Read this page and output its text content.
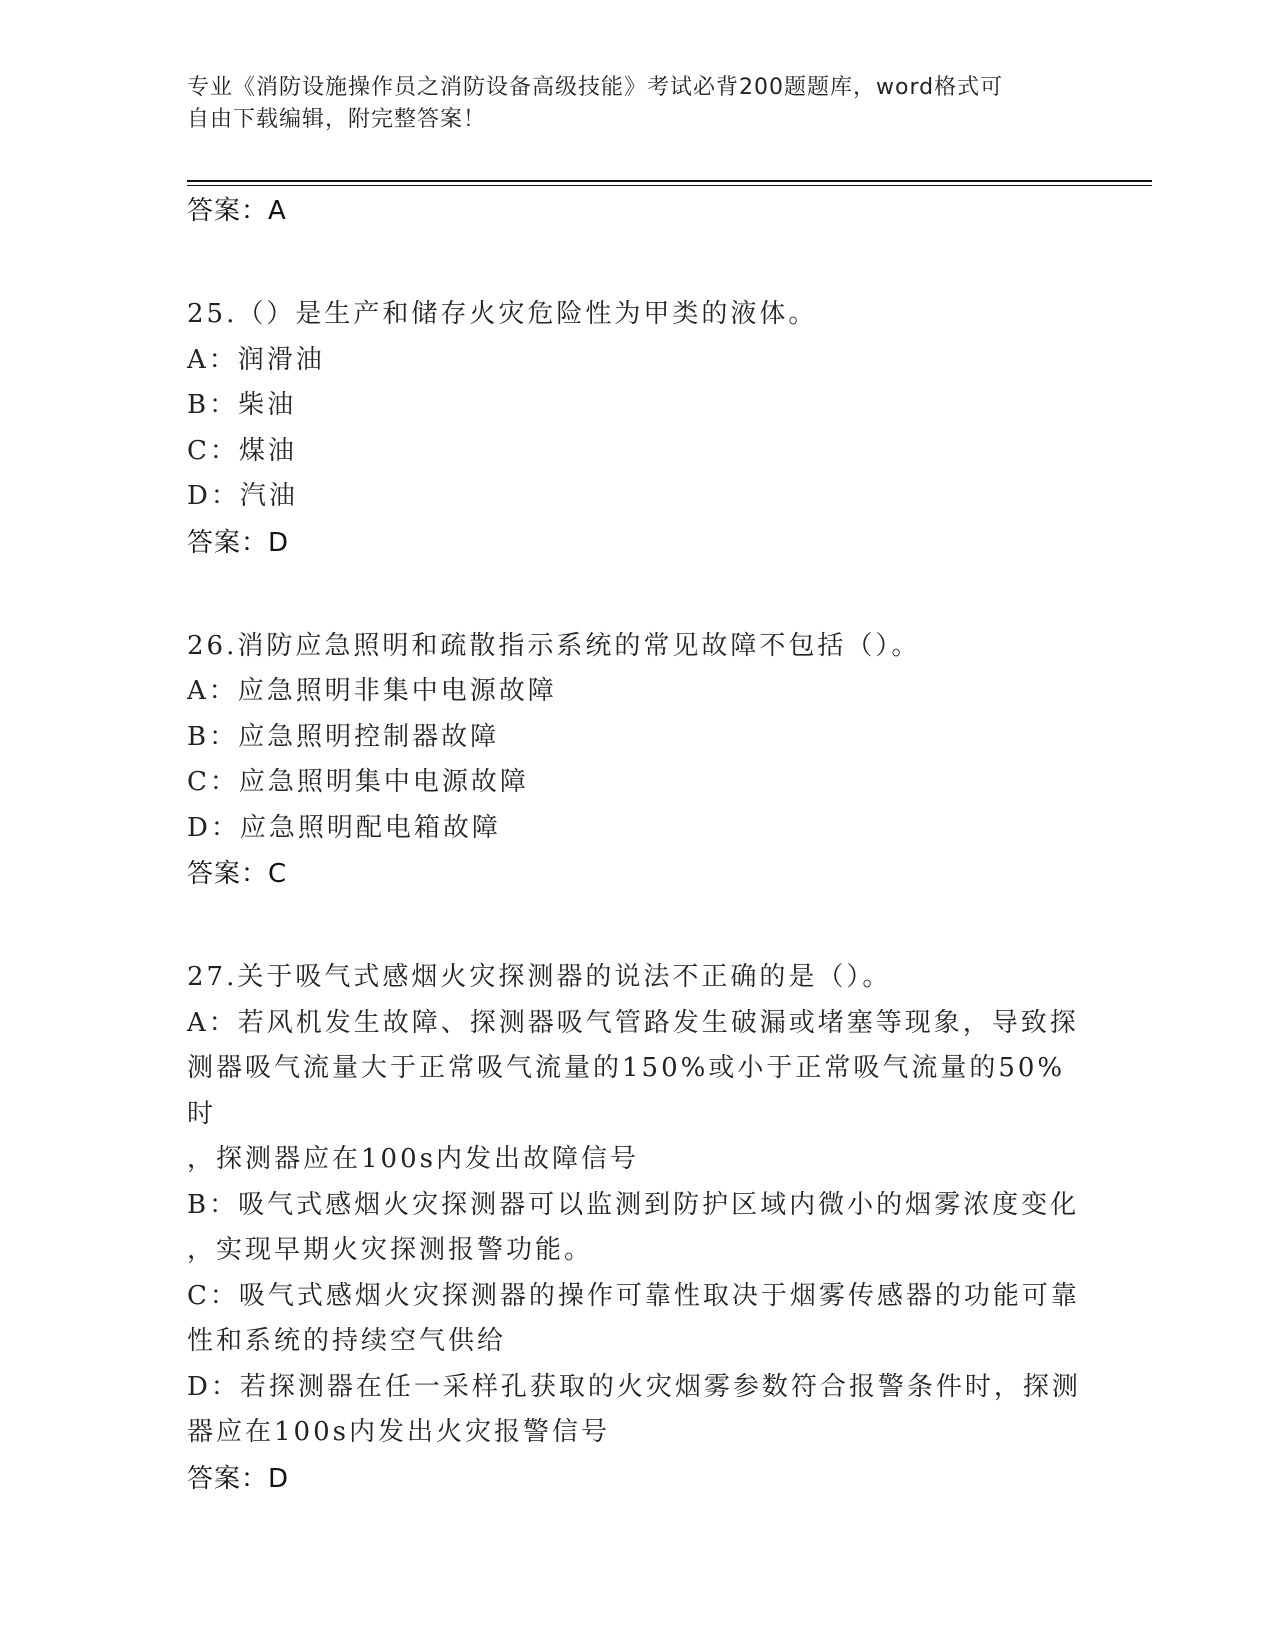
专业《消防设施操作员之消防设备高级技能》考试必背200题题库，word格式可
自由下载编辑，附完整答案！
答案：A
25.（）是生产和储存火灾危险性为甲类的液体。
A：润滑油
B：柴油
C：煤油
D：汽油
答案：D
26.消防应急照明和疏散指示系统的常见故障不包括（）。
A：应急照明非集中电源故障
B：应急照明控制器故障
C：应急照明集中电源故障
D：应急照明配电箱故障
答案：C
27.关于吸气式感烟火灾探测器的说法不正确的是（）。
A：若风机发生故障、探测器吸气管路发生破漏或堵塞等现象，导致探
测器吸气流量大于正常吸气流量的150%或小于正常吸气流量的50%时
，探测器应在100s内发出故障信号
B：吸气式感烟火灾探测器可以监测到防护区域内微小的烟雾浓度变化
，实现早期火灾探测报警功能。
C：吸气式感烟火灾探测器的操作可靠性取决于烟雾传感器的功能可靠
性和系统的持续空气供给
D：若探测器在任一采样孔获取的火灾烟雾参数符合报警条件时，探测
器应在100s内发出火灾报警信号
答案：D
